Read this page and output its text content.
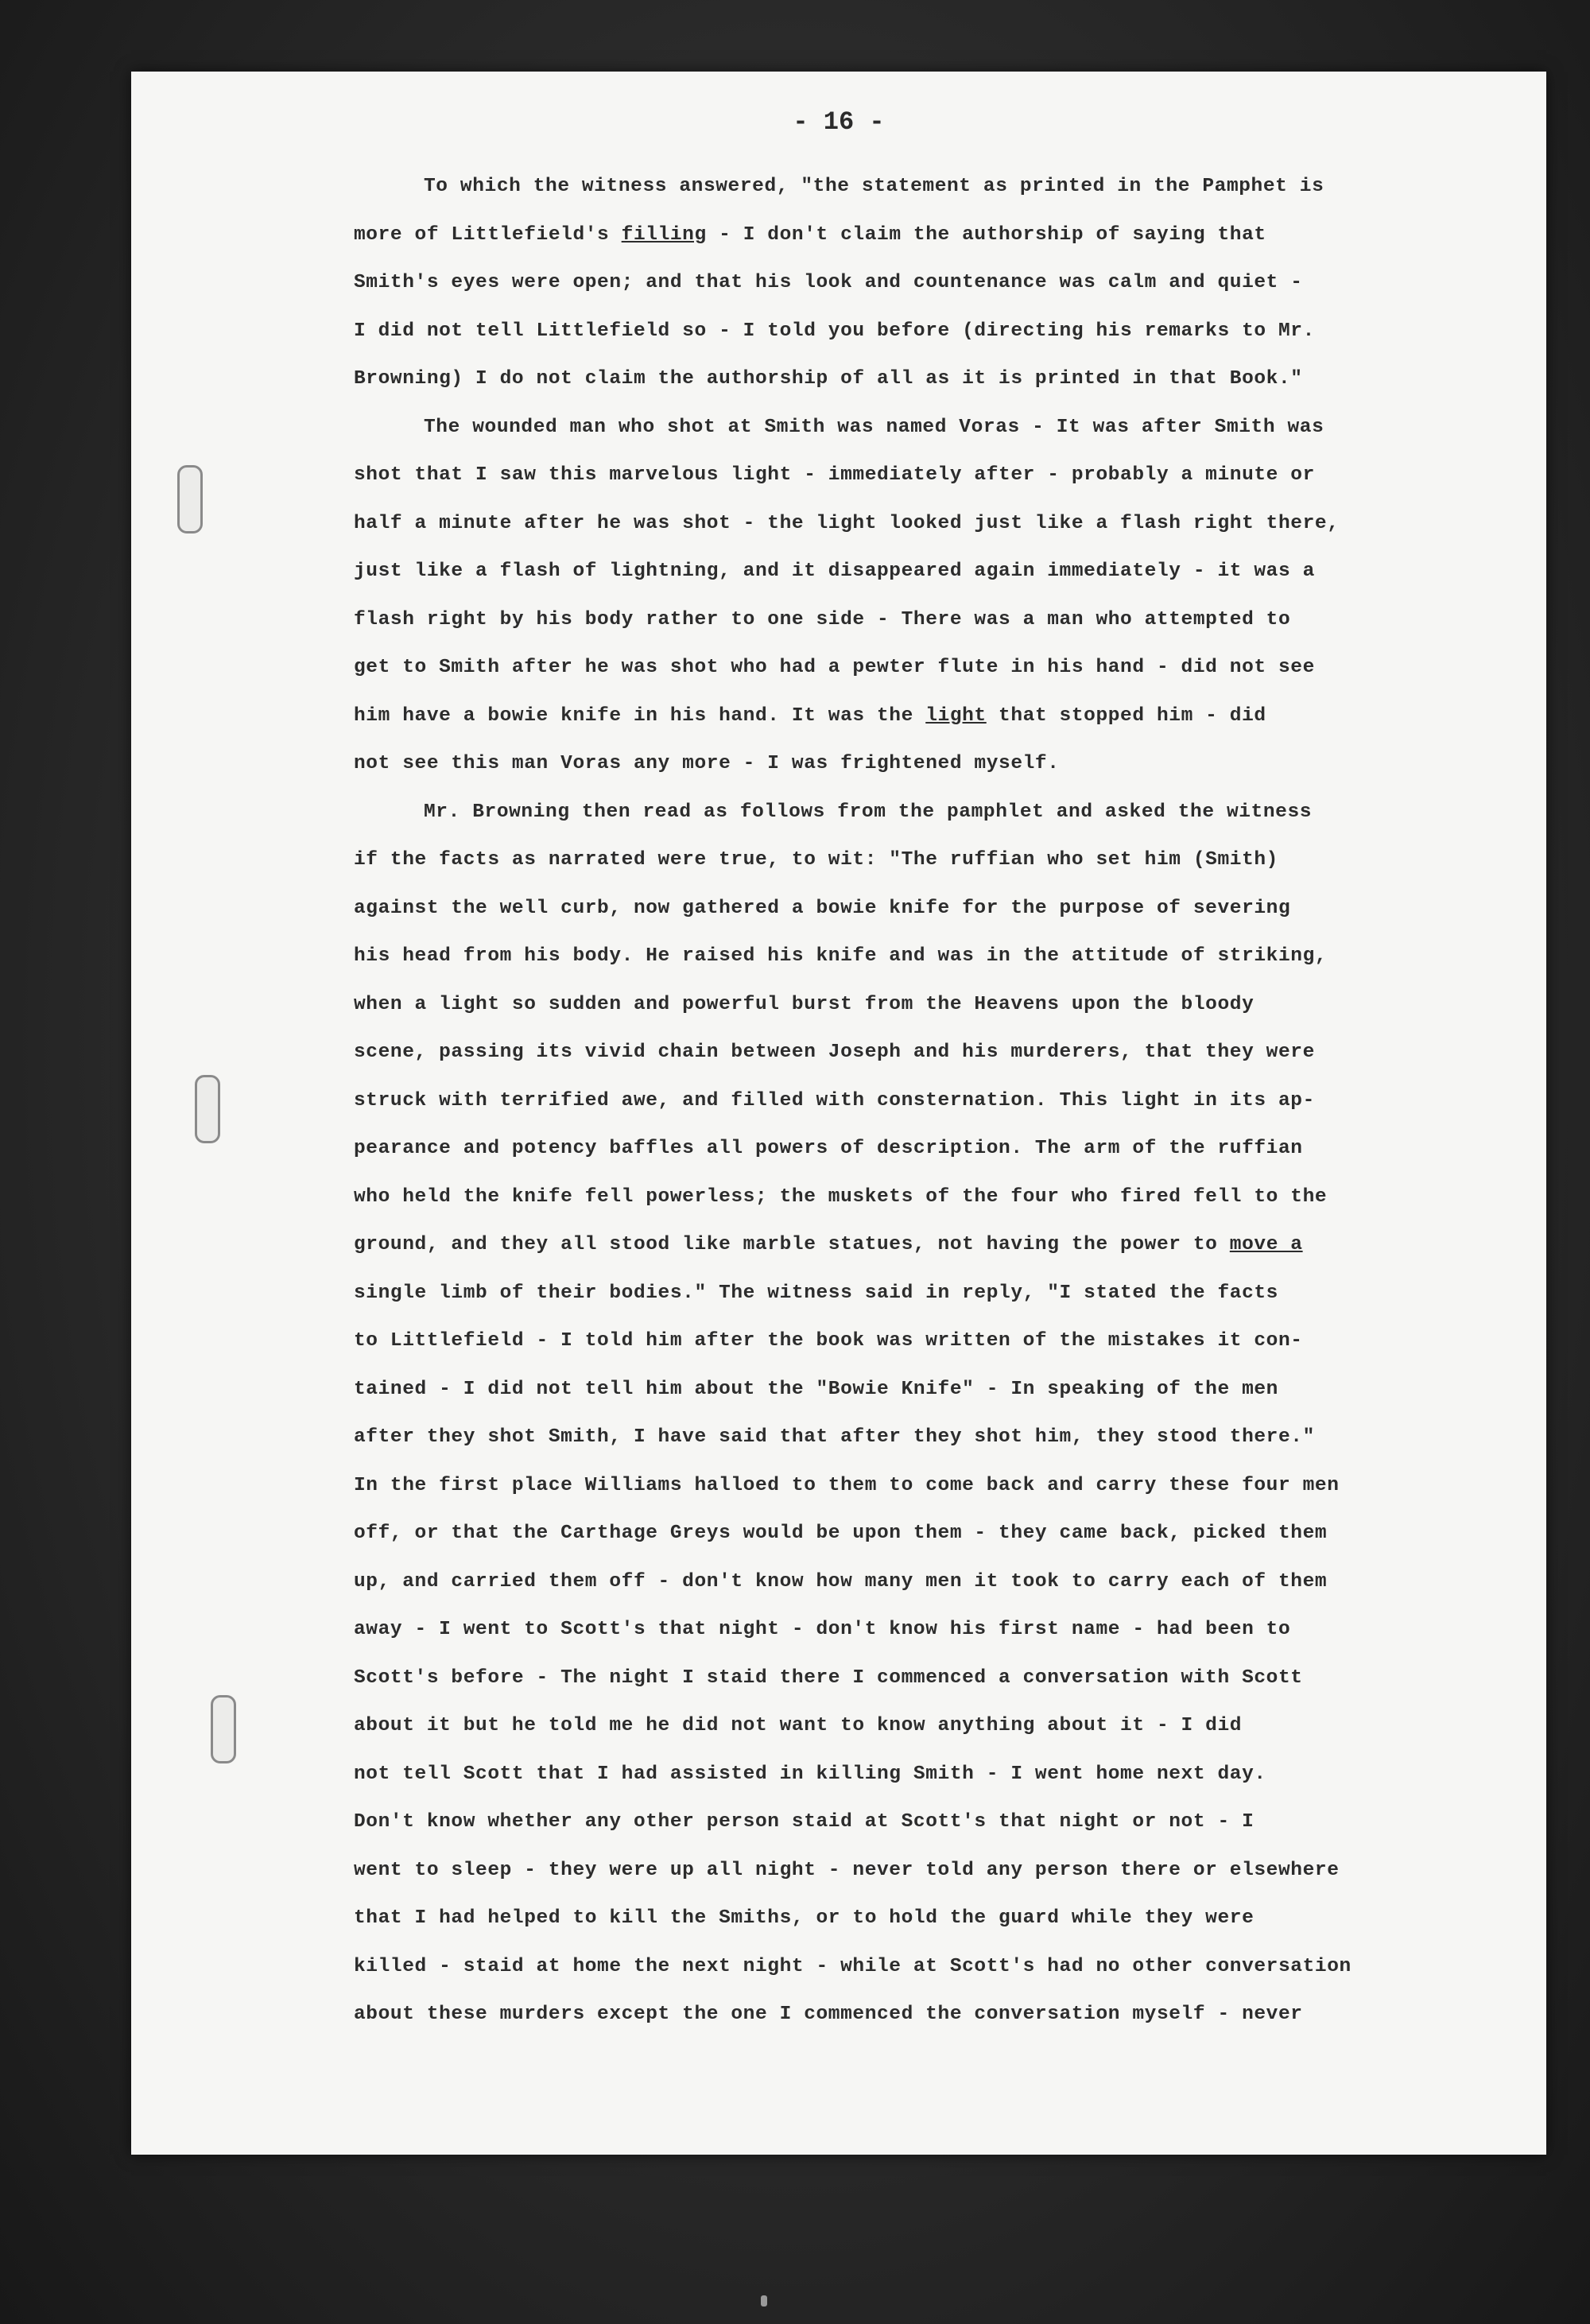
- 16 -
To which the witness answered, "the statement as printed in the Pamphet is
more of Littlefield's filling - I don't claim the authorship of saying that
Smith's eyes were open; and that his look and countenance was calm and quiet -
I did not tell Littlefield so - I told you before (directing his remarks to Mr.
Browning) I do not claim the authorship of all as it is printed in that Book."
The wounded man who shot at Smith was named Voras - It was after Smith was
shot that I saw this marvelous light - immediately after - probably a minute or
half a minute after he was shot - the light looked just like a flash right there,
just like a flash of lightning, and it disappeared again immediately - it was a
flash right by his body rather to one side - There was a man who attempted to
get to Smith after he was shot who had a pewter flute in his hand - did not see
him have a bowie knife in his hand. It was the light that stopped him - did
not see this man Voras any more - I was frightened myself.
Mr. Browning then read as follows from the pamphlet and asked the witness
if the facts as narrated were true, to wit: "The ruffian who set him (Smith)
against the well curb, now gathered a bowie knife for the purpose of severing
his head from his body. He raised his knife and was in the attitude of striking,
when a light so sudden and powerful burst from the Heavens upon the bloody
scene, passing its vivid chain between Joseph and his murderers, that they were
struck with terrified awe, and filled with consternation. This light in its ap-
pearance and potency baffles all powers of description. The arm of the ruffian
who held the knife fell powerless; the muskets of the four who fired fell to the
ground, and they all stood like marble statues, not having the power to move a
single limb of their bodies." The witness said in reply, "I stated the facts
to Littlefield - I told him after the book was written of the mistakes it con-
tained - I did not tell him about the "Bowie Knife" - In speaking of the men
after they shot Smith, I have said that after they shot him, they stood there."
In the first place Williams halloed to them to come back and carry these four men
off, or that the Carthage Greys would be upon them - they came back, picked them
up, and carried them off - don't know how many men it took to carry each of them
away - I went to Scott's that night - don't know his first name - had been to
Scott's before - The night I staid there I commenced a conversation with Scott
about it but he told me he did not want to know anything about it - I did
not tell Scott that I had assisted in killing Smith - I went home next day.
Don't know whether any other person staid at Scott's that night or not - I
went to sleep - they were up all night - never told any person there or elsewhere
that I had helped to kill the Smiths, or to hold the guard while they were
killed - staid at home the next night - while at Scott's had no other conversation
about these murders except the one I commenced the conversation myself - never
